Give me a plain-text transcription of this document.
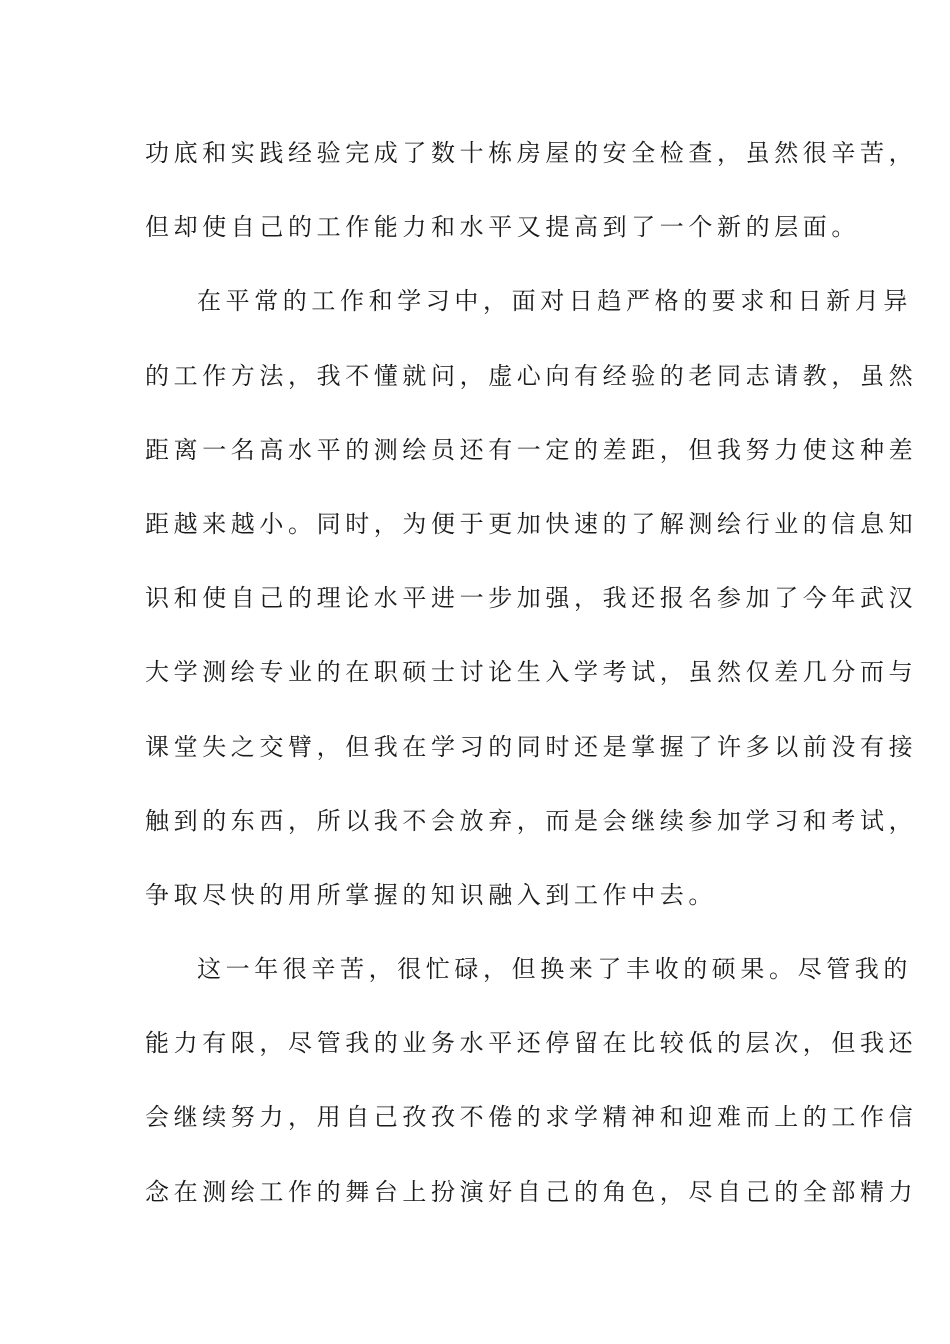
功底和实践经验完成了数十栋房屋的安全检查，虽然很辛苦，
但却使自己的工作能力和水平又提高到了一个新的层面。
在平常的工作和学习中，面对日趋严格的要求和日新月异
的工作方法，我不懂就问，虚心向有经验的老同志请教，虽然
距离一名高水平的测绘员还有一定的差距，但我努力使这种差
距越来越小。同时，为便于更加快速的了解测绘行业的信息知
识和使自己的理论水平进一步加强，我还报名参加了今年武汉
大学测绘专业的在职硕士讨论生入学考试，虽然仅差几分而与
课堂失之交臂，但我在学习的同时还是掌握了许多以前没有接
触到的东西，所以我不会放弃，而是会继续参加学习和考试，
争取尽快的用所掌握的知识融入到工作中去。
这一年很辛苦，很忙碌，但换来了丰收的硕果。尽管我的
能力有限，尽管我的业务水平还停留在比较低的层次，但我还
会继续努力，用自己孜孜不倦的求学精神和迎难而上的工作信
念在测绘工作的舞台上扮演好自己的角色，尽自己的全部精力
